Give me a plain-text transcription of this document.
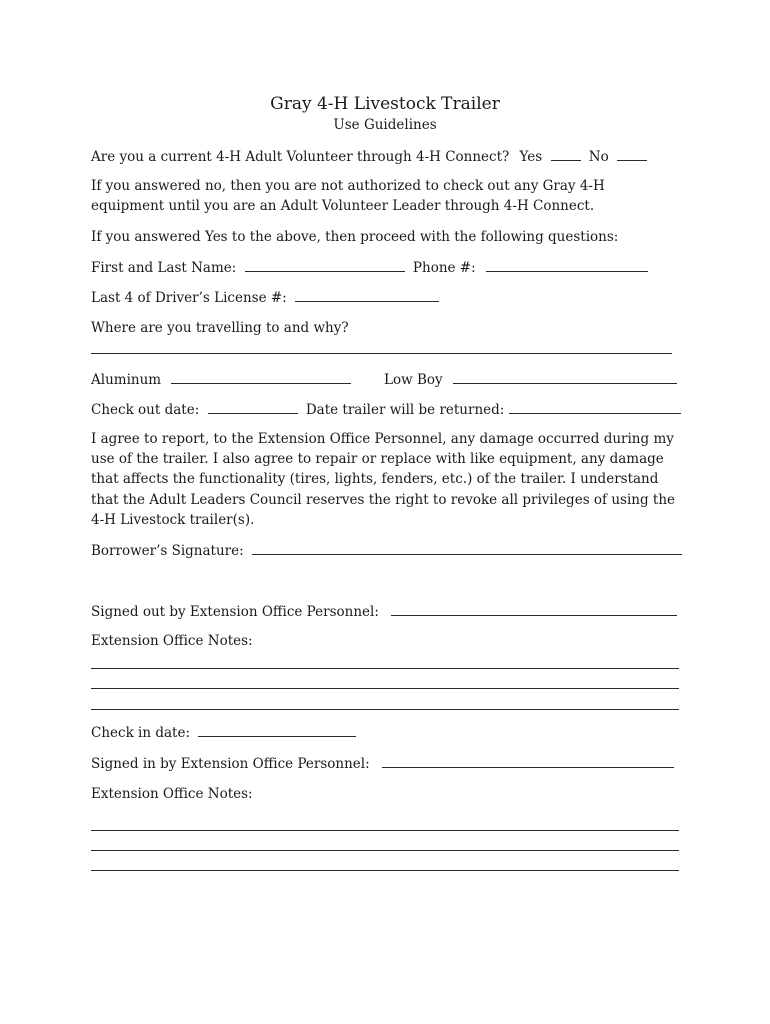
Gray 4-H Livestock Trailer
Use Guidelines
Are you a current 4-H Adult Volunteer through 4-H Connect? Yes	No
If you answered no, then you are not authorized to check out any Gray 4-H equipment until you are an Adult Volunteer Leader through 4-H Connect.
If you answered Yes to the above, then proceed with the following questions:
First and Last Name:	Phone #:
Last 4 of Driver’s License #:
Where are you travelling to and why?
Aluminum	Low Boy
Check out date:	Date trailer will be returned:
I agree to report, to the Extension Office Personnel, any damage occurred during my use of the trailer. I also agree to repair or replace with like equipment, any damage that affects the functionality (tires, lights, fenders, etc.) of the trailer. I understand that the Adult Leaders Council reserves the right to revoke all privileges of using the 4-H Livestock trailer(s).
Borrower’s Signature:
Signed out by Extension Office Personnel:
Extension Office Notes:
Check in date:
Signed in by Extension Office Personnel:
Extension Office Notes:
